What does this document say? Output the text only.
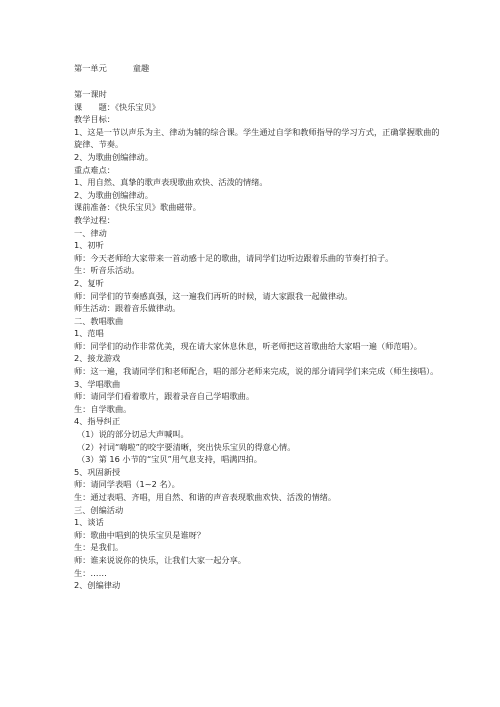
第一单元	童趣
第一课时
课　　题：《快乐宝贝》
教学目标：
1、这是一节以声乐为主、律动为辅的综合课。学生通过自学和教师指导的学习方式，正确掌握歌曲的旋律、节奏。
2、为歌曲创编律动。
重点难点：
1、用自然、真挚的歌声表现歌曲欢快、活泼的情绪。
2、为歌曲创编律动。
课前准备：《快乐宝贝》歌曲磁带。
教学过程：
一、律动
1、初听
师：今天老师给大家带来一首动感十足的歌曲，请同学们边听边跟着乐曲的节奏打拍子。
生：听音乐活动。
2、复听
师：同学们的节奏感真强，这一遍我们再听的时候，请大家跟我一起做律动。
师生活动：跟着音乐做律动。
二、教唱歌曲
1、范唱
师：同学们的动作非常优美，现在请大家休息休息，听老师把这首歌曲给大家唱一遍（师范唱）。
2、接龙游戏
师：这一遍，我请同学们和老师配合，唱的部分老师来完成，说的部分请同学们来完成（师生接唱）。
3、学唱歌曲
师：请同学们看着歌片，跟着录音自己学唱歌曲。
生：自学歌曲。
4、指导纠正
（1）说的部分切忌大声喊叫。
（2）衬词“嗨啦”的咬字要清晰，突出快乐宝贝的得意心情。
（3）第 16 小节的“宝贝”用气息支持，唱满四拍。
5、巩固新授
师：请同学表唱（1~2 名）。
生：通过表唱、齐唱，用自然、和谐的声音表现歌曲欢快、活泼的情绪。
三、创编活动
1、谈话
师：歌曲中唱到的快乐宝贝是谁呀？
生：是我们。
师：谁来说说你的快乐，让我们大家一起分享。
生：……
2、创编律动
